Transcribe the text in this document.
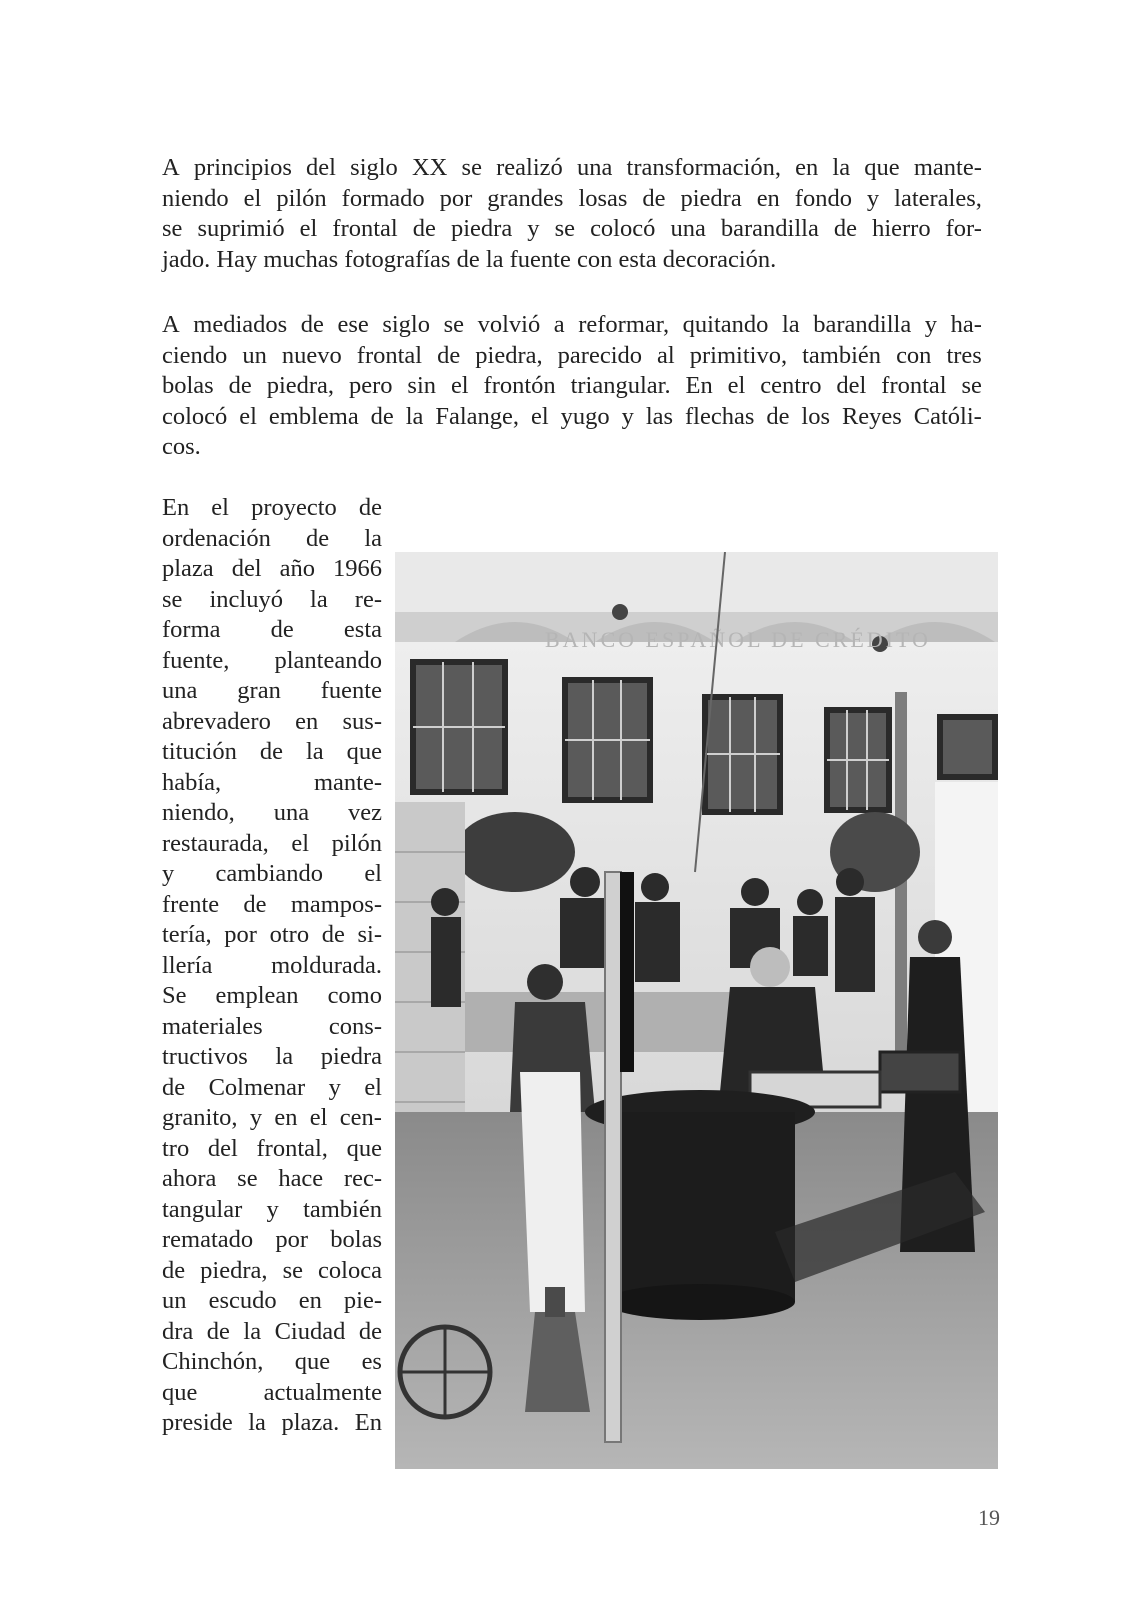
A principios del siglo XX se realizó una transformación, en la que mante-
niendo el pilón formado por grandes losas de piedra en fondo y laterales,
se suprimió el frontal de piedra y se colocó una barandilla de hierro for-
jado. Hay muchas fotografías de la fuente con esta decoración.
A mediados de ese siglo se volvió a reformar, quitando la barandilla y ha-
ciendo un nuevo frontal de piedra, parecido al primitivo, también con tres
bolas de piedra, pero sin el frontón triangular. En el centro del frontal se
colocó el emblema de la Falange, el yugo y las flechas de los Reyes Católi-
cos.
En el proyecto de
ordenación de la
plaza del año 1966
se incluyó la re-
forma de esta
fuente, planteando
una gran fuente
abrevadero en sus-
titución de la que
había,	mante-
niendo, una vez
restaurada, el pilón
y cambiando el
frente de mampos-
tería, por otro de si-
llería moldurada.
Se emplean como
materiales	cons-
tructivos la piedra
de Colmenar y el
granito, y en el cen-
tro del frontal, que
ahora se hace rec-
tangular y también
rematado por bolas
de piedra, se coloca
un escudo en pie-
dra de la Ciudad de
Chinchón, que es
que	actualmente
preside la plaza. En
BANCO ESPAÑOL DE CRÉDITO
19
